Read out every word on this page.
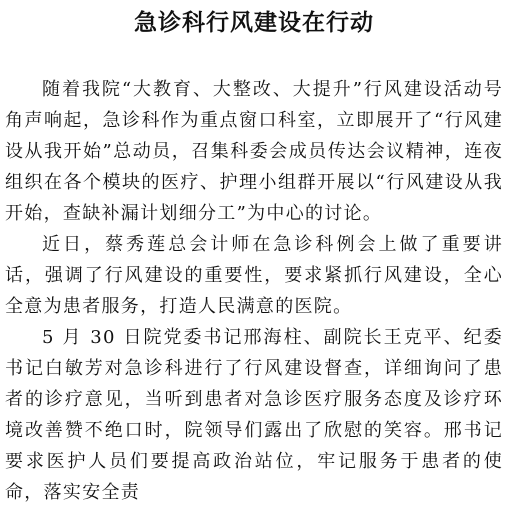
急诊科行风建设在行动

随着我院“大教育、大整改、大提升”行风建设活动号角声响起，急诊科作为重点窗口科室，立即展开了“行风建设从我开始”总动员，召集科委会成员传达会议精神，连夜组织在各个模块的医疗、护理小组群开展以“行风建设从我开始，查缺补漏计划细分工”为中心的讨论。

近日，蔡秀莲总会计师在急诊科例会上做了重要讲话，强调了行风建设的重要性，要求紧抓行风建设，全心全意为患者服务，打造人民满意的医院。

5 月 30 日院党委书记邢海柱、副院长王克平、纪委书记白敏芳对急诊科进行了行风建设督查，详细询问了患者的诊疗意见，当听到患者对急诊医疗服务态度及诊疗环境改善赞不绝口时，院领导们露出了欣慰的笑容。邢书记要求医护人员们要提高政治站位，牢记服务于患者的使命，落实安全责
